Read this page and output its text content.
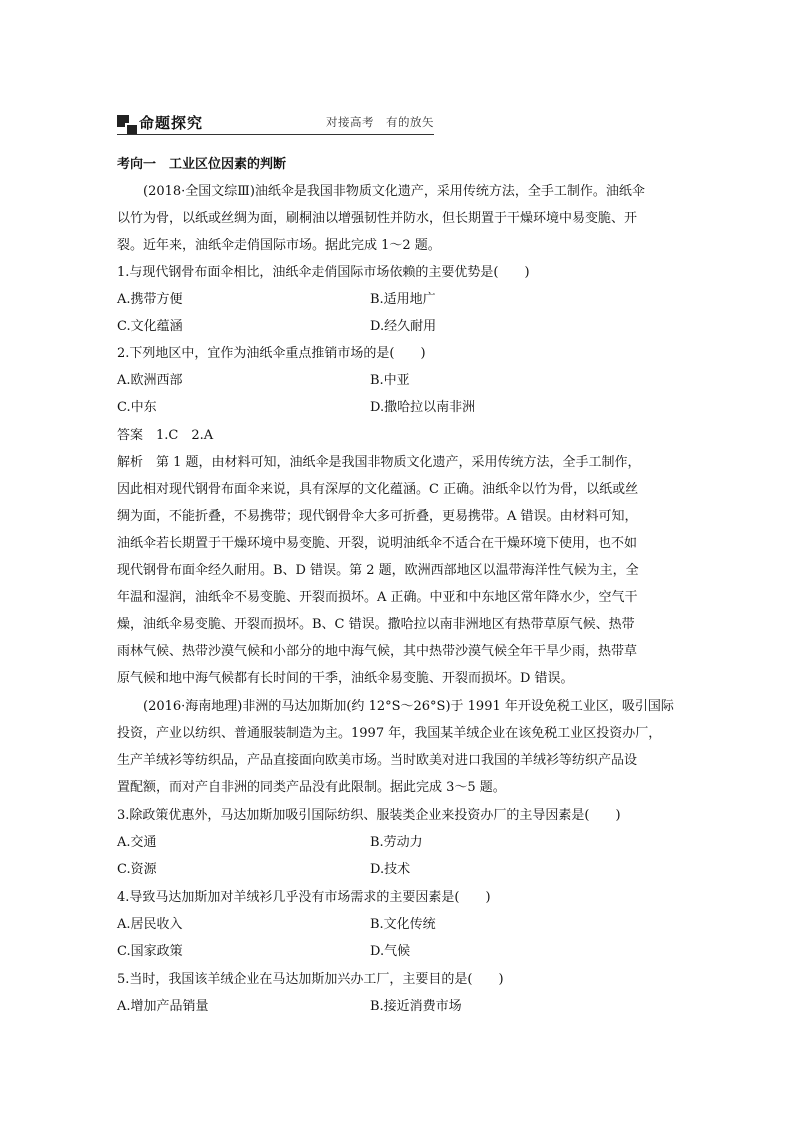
命题探究	对接高考　有的放矢
考向一　工业区位因素的判断
(2018·全国文综Ⅲ)油纸伞是我国非物质文化遗产，采用传统方法，全手工制作。油纸伞
以竹为骨，以纸或丝绸为面，刷桐油以增强韧性并防水，但长期置于干燥环境中易变脆、开
裂。近年来，油纸伞走俏国际市场。据此完成 1～2 题。
1.与现代钢骨布面伞相比，油纸伞走俏国际市场依赖的主要优势是(　　)
A.携带方便	B.适用地广
C.文化蕴涵	D.经久耐用
2.下列地区中，宜作为油纸伞重点推销市场的是(　　)
A.欧洲西部	B.中亚
C.中东	D.撒哈拉以南非洲
答案　1.C　2.A
解析　第 1 题，由材料可知，油纸伞是我国非物质文化遗产，采用传统方法，全手工制作，
因此相对现代钢骨布面伞来说，具有深厚的文化蕴涵。C 正确。油纸伞以竹为骨，以纸或丝
绸为面，不能折叠，不易携带；现代钢骨伞大多可折叠，更易携带。A 错误。由材料可知，
油纸伞若长期置于干燥环境中易变脆、开裂，说明油纸伞不适合在干燥环境下使用，也不如
现代钢骨布面伞经久耐用。B、D 错误。第 2 题，欧洲西部地区以温带海洋性气候为主，全
年温和湿润，油纸伞不易变脆、开裂而损坏。A 正确。中亚和中东地区常年降水少，空气干
燥，油纸伞易变脆、开裂而损坏。B、C 错误。撒哈拉以南非洲地区有热带草原气候、热带
雨林气候、热带沙漠气候和小部分的地中海气候，其中热带沙漠气候全年干旱少雨，热带草
原气候和地中海气候都有长时间的干季，油纸伞易变脆、开裂而损坏。D 错误。
(2016·海南地理)非洲的马达加斯加(约 12°S～26°S)于 1991 年开设免税工业区，吸引国际
投资，产业以纺织、普通服装制造为主。1997 年，我国某羊绒企业在该免税工业区投资办厂，
生产羊绒衫等纺织品，产品直接面向欧美市场。当时欧美对进口我国的羊绒衫等纺织产品设
置配额，而对产自非洲的同类产品没有此限制。据此完成 3～5 题。
3.除政策优惠外，马达加斯加吸引国际纺织、服装类企业来投资办厂的主导因素是(　　)
A.交通	B.劳动力
C.资源	D.技术
4.导致马达加斯加对羊绒衫几乎没有市场需求的主要因素是(　　)
A.居民收入	B.文化传统
C.国家政策	D.气候
5.当时，我国该羊绒企业在马达加斯加兴办工厂，主要目的是(　　)
A.增加产品销量	B.接近消费市场
